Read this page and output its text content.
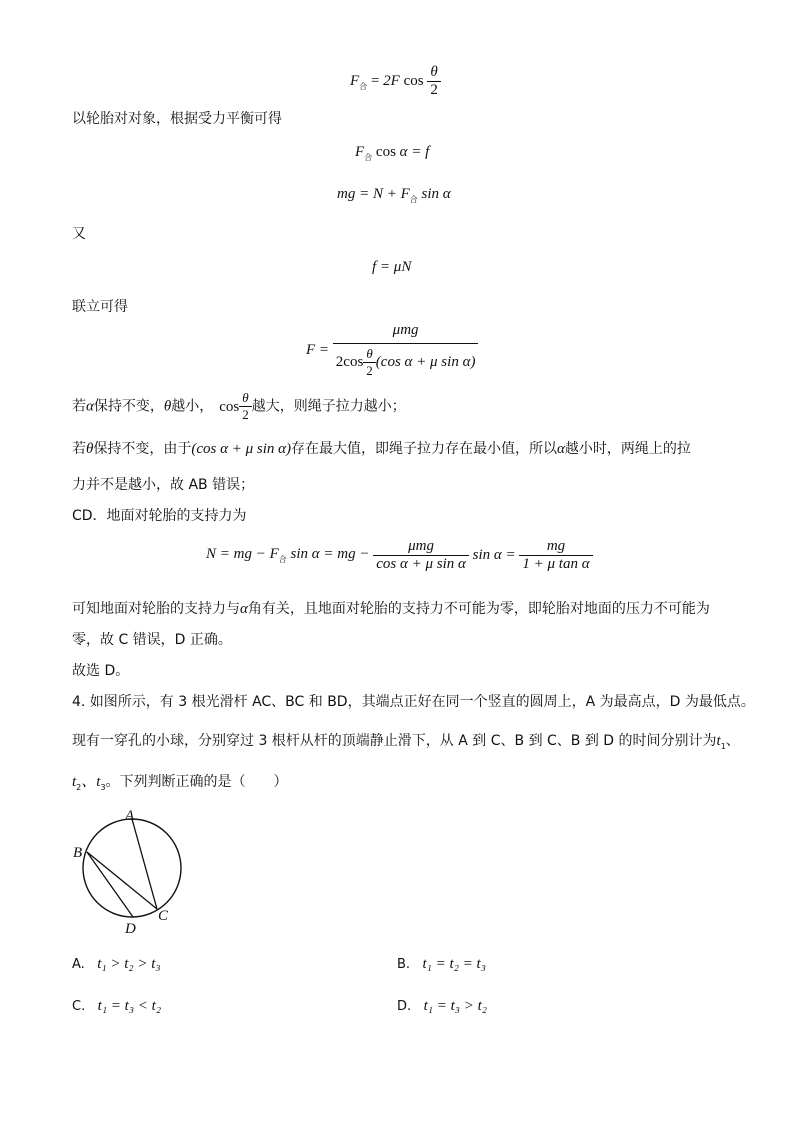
$F_合 = 2F$ $\cos \frac{\theta}{2}$
以轮胎对对象，根据受力平衡可得
$F_合$ cos α = f
mg = $N + F_合$ sin α
又
f = μN
联立可得
$F = \frac{\text{μmg}}{2\cos \frac{\theta}{2} (\cos \alpha + \mu \sin \alpha)}$
若α保持不变，θ越小， $\cos \frac{\theta}{2}$ 越大，则绳子拉力越小；
若θ保持不变，由于(cos α + μ sin α)存在最大值，即绳子拉力存在最小值，所以α越小时，两绳上的拉
力并不是越小，故 AB 错误；
CD．地面对轮胎的支持力为
N = mg − $F_合$ sin α = mg − $\frac{\text{μmg}}{\text{cos α + μ sin α}}$ $\sin \alpha = \frac{mg}{\text{1 + μ tan α}}$
可知地面对轮胎的支持力与α角有关，且地面对轮胎的支持力不可能为零，即轮胎对地面的压力不可能为
零，故 C 错误，D 正确。
故选 D。
4. 如图所示，有 3 根光滑杆 AC、BC 和 BD，其端点正好在同一个竖直的圆周上，A 为最高点，D 为最低点。
现有一穿孔的小球，分别穿过 3 根杆从杆的顶端静止滑下，从 A 到 C、B 到 C、B 到 D 的时间分别计为$t_1$、
$t_2$、$t_3$。下列判断正确的是（　　）
A
B
C
D
A. t₁ > t₂ > t₃	B. t₁ = t₂ = t₃
C. t₁ = t₃ < t₂	D. t₁ = t₃ > t₂
